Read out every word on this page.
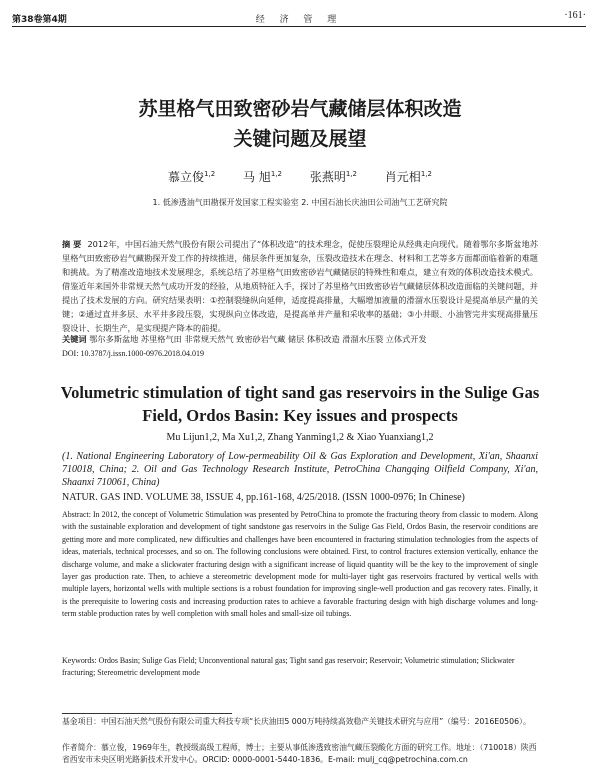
第38卷第4期	经 济 管 理	·161·
苏里格气田致密砂岩气藏储层体积改造
关键问题及展望
慕立俊$^{1,2}$ 马 旭$^{1,2}$ 张燕明$^{1,2}$ 肖元相$^{1,2}$
1. 低渗透油气田勘探开发国家工程实验室 2. 中国石油长庆油田公司油气工艺研究院
摘 要 2012年，中国石油天然气股份有限公司提出了“体积改造”的技术理念，促使压裂理论从经典走向现代。随着鄂尔多斯盆地苏里格气田致密砂岩气藏勘探开发工作的持续推进，储层条件更加复杂，压裂改造技术在理念、材料和工艺等多方面都面临着新的难题和挑战。为了精准改造地技术发展理念，系统总结了苏里格气田致密砂岩气藏储层的特殊性和难点，建立有效的体积改造技术模式。借鉴近年来国外非常规天然气成功开发的经验，从地质特征入手，探讨了苏里格气田致密砂岩气藏储层体积改造面临的关键问题，并提出了技术发展的方向。研究结果表明：①控制裂缝纵向延伸，适度提高排量，大幅增加液量的滑溜水压裂设计是提高单层产量的关键；②通过直井多层、水平井多段压裂，实现纵向立体改造，是提高单井产量和采收率的基础；③小井眼、小油管完井实现高排量压裂设计、长期生产，是实现提产降本的前提。
关键词 鄂尔多斯盆地 苏里格气田 非常规天然气 致密砂岩气藏 储层 体积改造 滑溜水压裂 立体式开发
DOI: 10.3787/j.issn.1000-0976.2018.04.019
Volumetric stimulation of tight sand gas reservoirs in the Sulige Gas Field, Ordos Basin: Key issues and prospects
Mu Lijun1,2, Ma Xu1,2, Zhang Yanming1,2 & Xiao Yuanxiang1,2
(1. National Engineering Laboratory of Low-permeability Oil & Gas Exploration and Development, Xi'an, Shaanxi 710018, China; 2. Oil and Gas Technology Research Institute, PetroChina Changqing Oilfield Company, Xi'an, Shaanxi 710061, China)
NATUR. GAS IND. VOLUME 38, ISSUE 4, pp.161-168, 4/25/2018. (ISSN 1000-0976; In Chinese)
Abstract: In 2012, the concept of Volumetric Stimulation was presented by PetroChina to promote the fracturing theory from classic to modern. Along with the sustainable exploration and development of tight sandstone gas reservoirs in the Sulige Gas Field, Ordos Basin, the reservoir conditions are getting more and more complicated, new difficulties and challenges have been encountered in fracturing stimulation technologies from the aspects of ideas, materials, technical processes, and so on. The following conclusions were obtained. First, to control fractures extension vertically, enhance the discharge volume, and make a slickwater fracturing design with a significant increase of liquid quantity will be the key to the improvement of single layer gas production rate. Then, to achieve a stereometric development mode for multi-layer tight gas reservoirs fractured by vertical wells with multiple layers, horizontal wells with multiple sections is a robust foundation for improving single-well production and gas recovery rates. Finally, it is the prerequisite to lowering costs and increasing production rates to achieve a favorable fracturing design with high discharge volumes and long-term stable production rates by well completion with small holes and small-size oil tubings.
Keywords: Ordos Basin; Sulige Gas Field; Unconventional natural gas; Tight sand gas reservoir; Reservoir; Volumetric stimulation; Slickwater fracturing; Stereometric development mode
基金项目：中国石油天然气股份有限公司重大科技专项“长庆油田5 000万吨持续高效稳产关键技术研究与应用”（编号：2016E0506）。
作者简介：慕立俊，1969年生，教授级高级工程师，博士；主要从事低渗透致密油气藏压裂酸化方面的研究工作。地址：（710018）陕西省西安市未央区明光路新技术开发中心。ORCID: 0000-0001-5440-1836。E-mail: mulj_cq@petrochina.com.cn
